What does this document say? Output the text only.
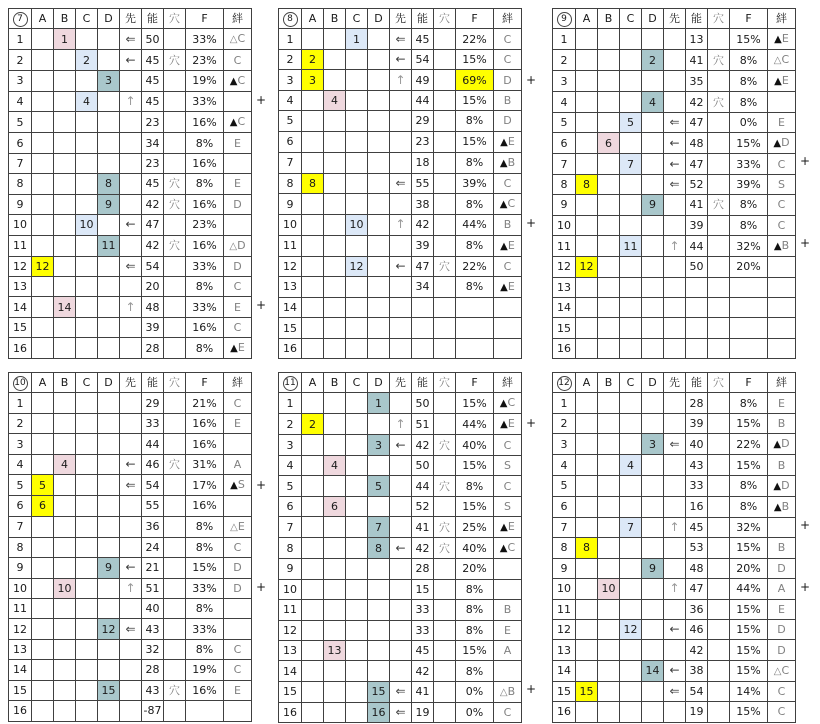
7	A	B	C	D	先	能	穴	F	絆
1		1			⇐	50		33%	△C
2			2		←	45	穴	23%	C
3				3		45		19%	▲C
4			4		↑	45		33%	
5						23		16%	▲C
6						34		8%	E
7						23		16%	
8				8		45	穴	8%	E
9				9		42	穴	16%	D
10			10		←	47		23%	
11				11		42	穴	16%	△D
12	12				⇐	54		33%	D
13						20		8%	C
14		14			↑	48		33%	E
15						39		16%	C
16						28		8%	▲E
+
+
8	A	B	C	D	先	能	穴	F	絆
1			1		⇐	45		22%	C
2	2				←	54		15%	C
3	3				↑	49		69%	D
4		4				44		15%	B
5						29		8%	D
6						23		15%	▲E
7						18		8%	▲B
8	8				⇐	55		39%	C
9						38		8%	▲C
10			10		↑	42		44%	B
11						39		8%	▲E
12			12		←	47	穴	22%	C
13						34		8%	▲E
14									
15									
16									
+
+
9	A	B	C	D	先	能	穴	F	絆
1						13		15%	▲E
2				2		41	穴	8%	△C
3						35		8%	▲E
4				4		42	穴	8%	
5			5		⇐	47		0%	E
6		6			←	48		15%	▲D
7			7		←	47		33%	C
8	8				⇐	52		39%	S
9				9		41	穴	8%	C
10						39		8%	C
11			11		↑	44		32%	▲B
12	12					50		20%	
13									
14									
15									
16									
+
+
10	A	B	C	D	先	能	穴	F	絆
1						29		21%	C
2						33		16%	E
3						44		16%	
4		4			←	46	穴	31%	A
5	5				⇐	54		17%	▲S
6	6					55		16%	
7						36		8%	△E
8						24		8%	C
9				9	←	21		15%	D
10		10			↑	51		33%	D
11						40		8%	
12				12	⇐	43		33%	
13						32		8%	C
14						28		19%	C
15				15		43	穴	16%	E
16						-87			
+
+
11	A	B	C	D	先	能	穴	F	絆
1				1		50		15%	▲C
2	2				↑	51		44%	▲E
3				3	←	42	穴	40%	C
4		4				50		15%	S
5				5		44	穴	8%	C
6		6				52		15%	S
7				7		41	穴	25%	▲E
8				8	←	42	穴	40%	▲C
9						28		20%	
10						15		8%	
11						33		8%	B
12						33		8%	E
13		13				45		15%	A
14						42		8%	
15				15	⇐	41		0%	△B
16				16	⇐	19		0%	C
+
+
12	A	B	C	D	先	能	穴	F	絆
1						28		8%	E
2						39		15%	B
3				3	⇐	40		22%	▲D
4			4			43		15%	B
5						33		8%	▲D
6						16		8%	▲B
7			7		↑	45		32%	
8	8					53		15%	B
9				9		48		20%	D
10		10			↑	47		44%	A
11						36		15%	E
12			12		←	46		15%	D
13						42		15%	D
14				14	←	38		15%	△C
15	15				⇐	54		14%	C
16						19		15%	C
+
+
